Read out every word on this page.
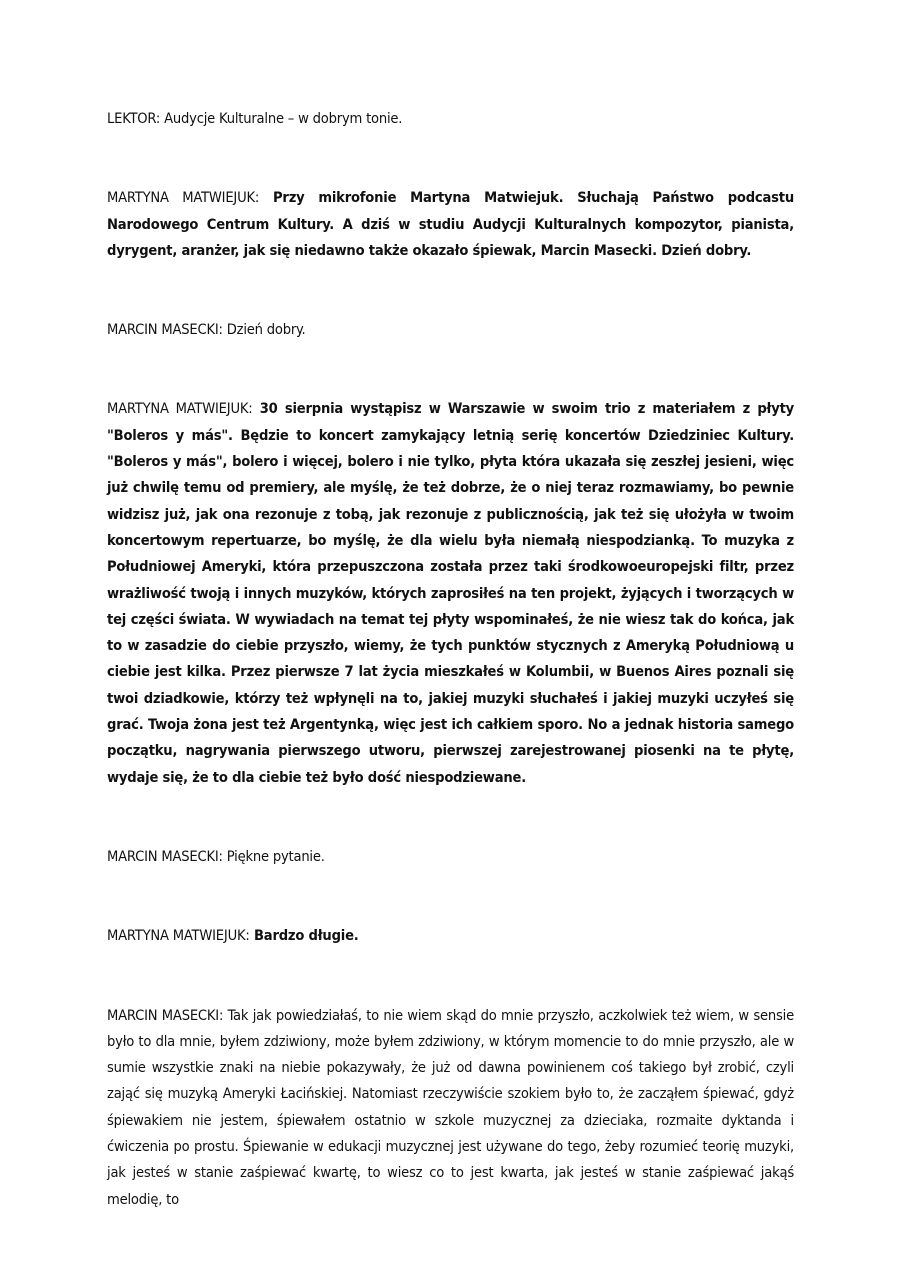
LEKTOR: Audycje Kulturalne – w dobrym tonie.

MARTYNA MATWIEJUK: Przy mikrofonie Martyna Matwiejuk. Słuchają Państwo podcastu Narodowego Centrum Kultury. A dziś w studiu Audycji Kulturalnych kompozytor, pianista, dyrygent, aranżer, jak się niedawno także okazało śpiewak, Marcin Masecki. Dzień dobry.

MARCIN MASECKI: Dzień dobry.

MARTYNA MATWIEJUK: 30 sierpnia wystąpisz w Warszawie w swoim trio z materiałem z płyty "Boleros y más". Będzie to koncert zamykający letnią serię koncertów Dziedziniec Kultury. "Boleros y más", bolero i więcej, bolero i nie tylko, płyta która ukazała się zeszłej jesieni, więc już chwilę temu od premiery, ale myślę, że też dobrze, że o niej teraz rozmawiamy, bo pewnie widzisz już, jak ona rezonuje z tobą, jak rezonuje z publicznością, jak też się ułożyła w twoim koncertowym repertuarze, bo myślę, że dla wielu była niemałą niespodzianką. To muzyka z Południowej Ameryki, która przepuszczona została przez taki środkowoeuropejski filtr, przez wrażliwość twoją i innych muzyków, których zaprosiłeś na ten projekt, żyjących i tworzących w tej części świata. W wywiadach na temat tej płyty wspominałeś, że nie wiesz tak do końca, jak to w zasadzie do ciebie przyszło, wiemy, że tych punktów stycznych z Ameryką Południową u ciebie jest kilka. Przez pierwsze 7 lat życia mieszkałeś w Kolumbii, w Buenos Aires poznali się twoi dziadkowie, którzy też wpłynęli na to, jakiej muzyki słuchałeś i jakiej muzyki uczyłeś się grać. Twoja żona jest też Argentynką, więc jest ich całkiem sporo. No a jednak historia samego początku, nagrywania pierwszego utworu, pierwszej zarejestrowanej piosenki na te płytę, wydaje się, że to dla ciebie też było dość niespodziewane.

MARCIN MASECKI: Piękne pytanie.

MARTYNA MATWIEJUK: Bardzo długie.

MARCIN MASECKI: Tak jak powiedziałaś, to nie wiem skąd do mnie przyszło, aczkolwiek też wiem, w sensie było to dla mnie, byłem zdziwiony, może byłem zdziwiony, w którym momencie to do mnie przyszło, ale w sumie wszystkie znaki na niebie pokazywały, że już od dawna powinienem coś takiego był zrobić, czyli zająć się muzyką Ameryki Łacińskiej. Natomiast rzeczywiście szokiem było to, że zacząłem śpiewać, gdyż śpiewakiem nie jestem, śpiewałem ostatnio w szkole muzycznej za dzieciaka, rozmaite dyktanda i ćwiczenia po prostu. Śpiewanie w edukacji muzycznej jest używane do tego, żeby rozumieć teorię muzyki, jak jesteś w stanie zaśpiewać kwartę, to wiesz co to jest kwarta, jak jesteś w stanie zaśpiewać jakąś melodię, to
